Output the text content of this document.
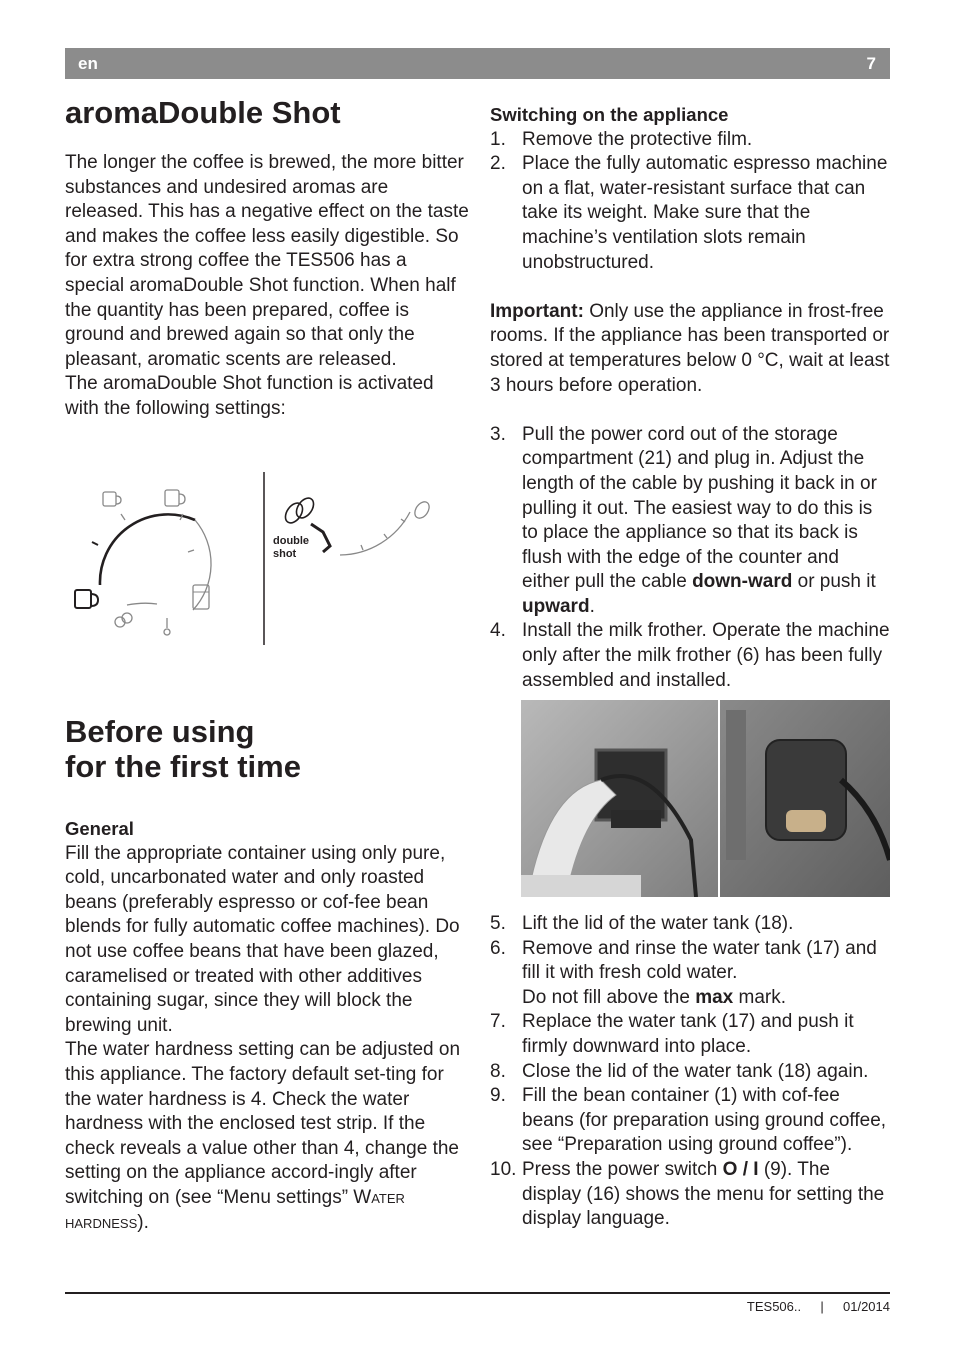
en	7
aromaDouble Shot

The longer the coffee is brewed, the more bitter substances and undesired aromas are released. This has a negative effect on the taste and makes the coffee less easily digestible. So for extra strong coffee the TES506 has a special aromaDouble Shot function. When half the quantity has been prepared, coffee is ground and brewed again so that only the pleasant, aromatic scents are released.

The aromaDouble Shot function is activated with the following settings:

double
shot
Before using
for the first time

General

Fill the appropriate container using only pure, cold, uncarbonated water and only roasted beans (preferably espresso or cof-fee bean blends for fully automatic coffee machines). Do not use coffee beans that have been glazed, caramelised or treated with other additives containing sugar, since they will block the brewing unit.

The water hardness setting can be adjusted on this appliance. The factory default set-ting for the water hardness is 4. Check the water hardness with the enclosed test strip. If the check reveals a value other than 4, change the setting on the appliance accord-ingly after switching on (see “Menu settings” Water hardness).

Switching on the appliance

1. Remove the protective film.
2. Place the fully automatic espresso machine on a flat, water-resistant surface that can take its weight. Make sure that the machine’s ventilation slots remain unobstructured.

Important: Only use the appliance in frost-free rooms. If the appliance has been transported or stored at temperatures below 0 °C, wait at least 3 hours before operation.

3. Pull the power cord out of the storage compartment (21) and plug in. Adjust the length of the cable by pushing it back in or pulling it out. The easiest way to do this is to place the appliance so that its back is flush with the edge of the counter and either pull the cable down-ward or push it upward.
4. Install the milk frother. Operate the machine only after the milk frother (6) has been fully assembled and installed.
5. Lift the lid of the water tank (18).
6. Remove and rinse the water tank (17) and fill it with fresh cold water.
Do not fill above the max mark.
7. Replace the water tank (17) and push it firmly downward into place.
8. Close the lid of the water tank (18) again.
9. Fill the bean container (1) with cof-fee beans (for preparation using ground coffee, see “Preparation using ground coffee”).
10. Press the power switch O / I (9). The display (16) shows the menu for setting the display language.
TES506.. | 01/2014
